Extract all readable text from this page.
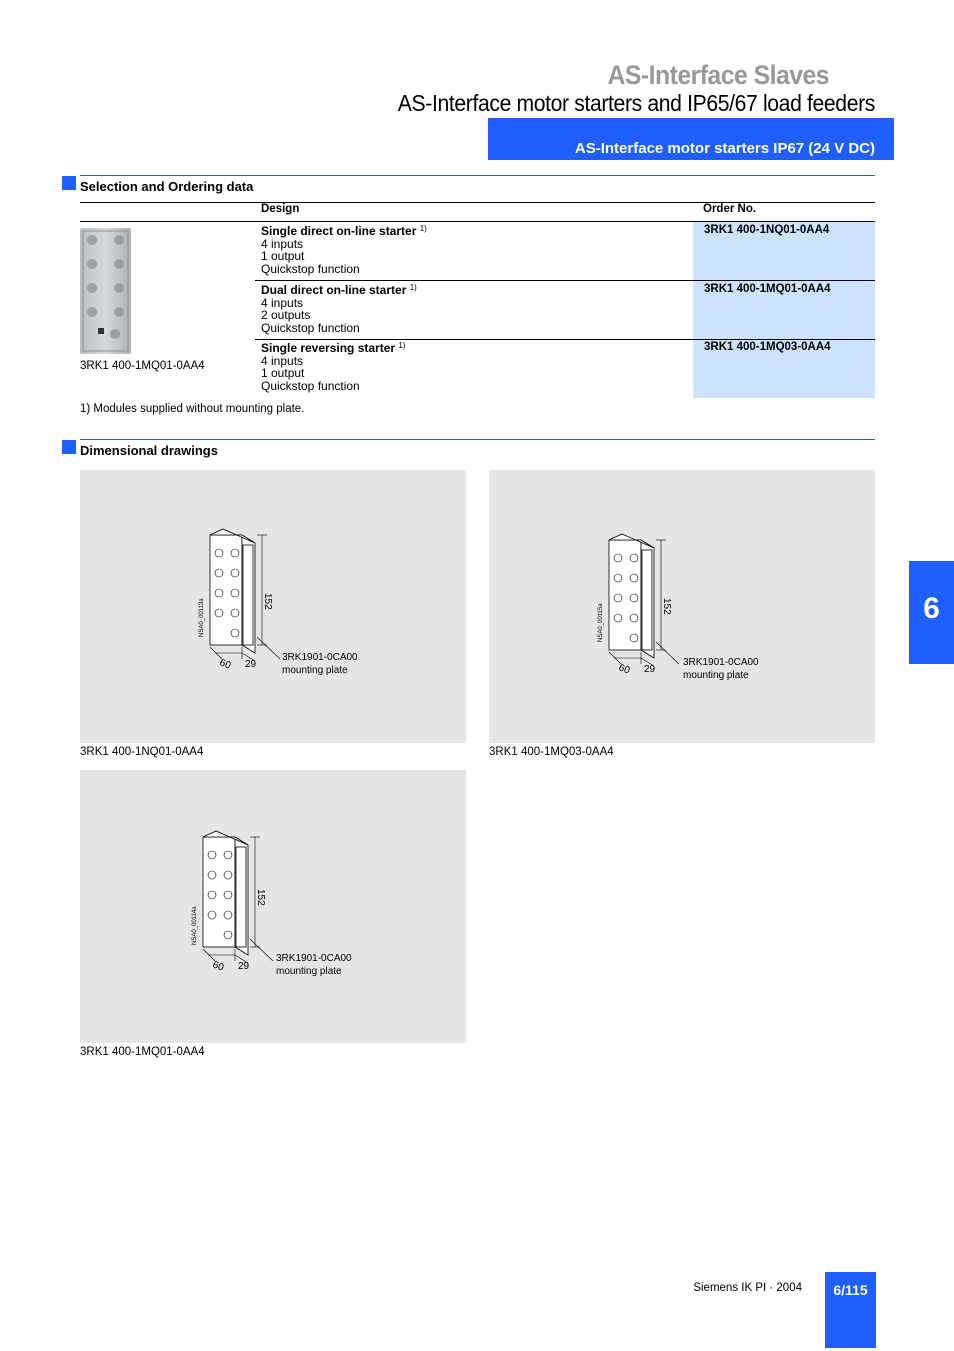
AS-Interface Slaves
AS-Interface motor starters and IP65/67 load feeders
AS-Interface motor starters IP67 (24 V DC)
Selection and Ordering data
Design	Order No.
3RK1 400-1MQ01-0AA4
Single direct on-line starter $^{1)}$
4 inputs
1 output
Quickstop function
3RK1 400-1NQ01-0AA4
Dual direct on-line starter $^{1)}$
4 inputs
2 outputs
Quickstop function
3RK1 400-1MQ01-0AA4
Single reversing starter $^{1)}$
4 inputs
1 output
Quickstop function
3RK1 400-1MQ03-0AA4
1) Modules supplied without mounting plate.
Dimensional drawings
152
60 29
NSA0_00113a
3RK1901-0CA00
mounting plate
3RK1 400-1NQ01-0AA4
152
60 29
NSA0_00115a
3RK1901-0CA00
mounting plate
3RK1 400-1MQ03-0AA4
152
60 29
NSA0_00114a
3RK1901-0CA00
mounting plate
3RK1 400-1MQ01-0AA4
6
Siemens IK PI · 2004	6/115
